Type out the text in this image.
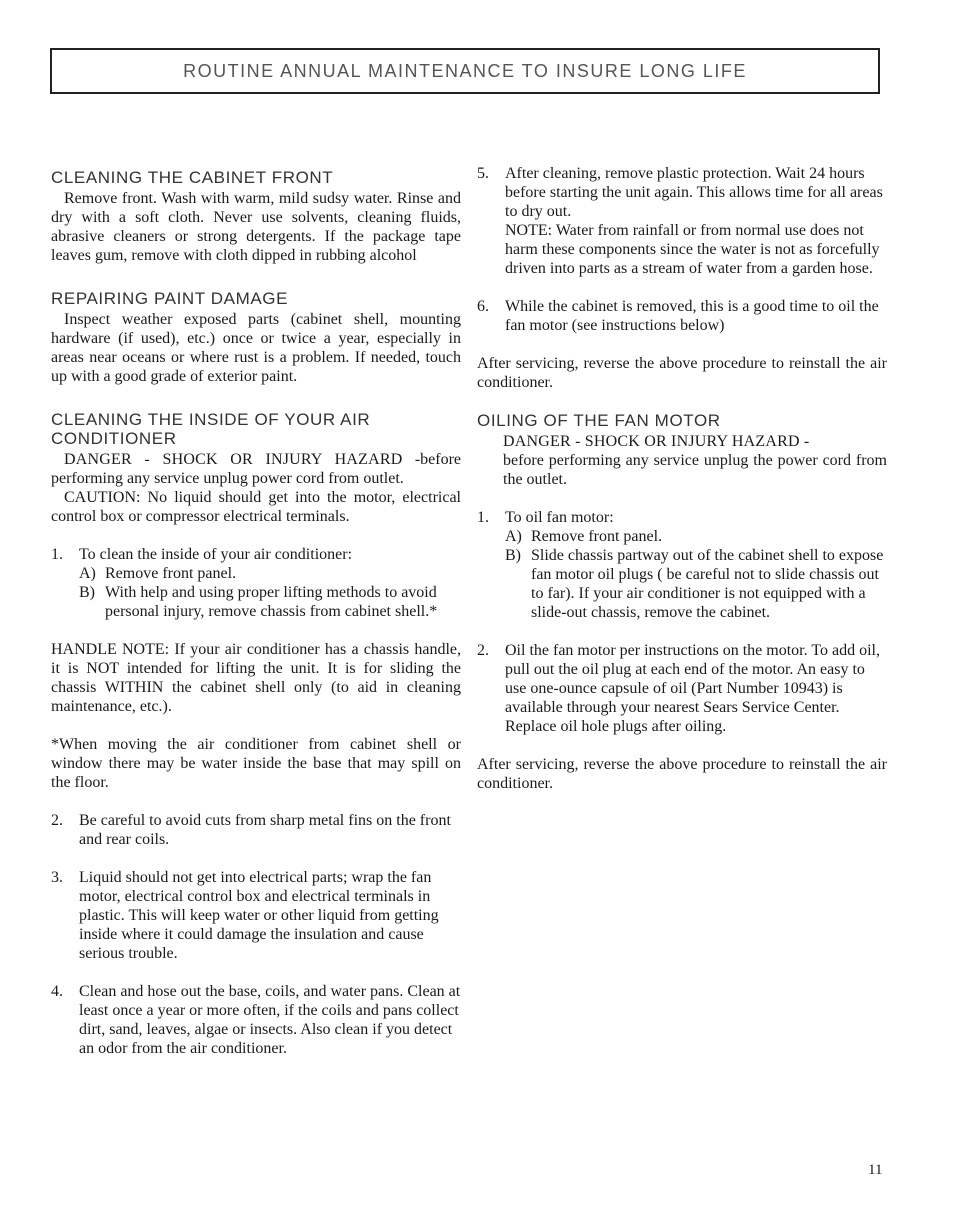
ROUTINE ANNUAL MAINTENANCE TO INSURE LONG LIFE
CLEANING THE CABINET FRONT

Remove front. Wash with warm, mild sudsy water. Rinse and dry with a soft cloth. Never use solvents, cleaning fluids, abrasive cleaners or strong detergents. If the package tape leaves gum, remove with cloth dipped in rubbing alcohol

REPAIRING PAINT DAMAGE

Inspect weather exposed parts (cabinet shell, mounting hardware (if used), etc.) once or twice a year, especially in areas near oceans or where rust is a problem. If needed, touch up with a good grade of exterior paint.

CLEANING THE INSIDE OF YOUR AIR
CONDITIONER

DANGER - SHOCK OR INJURY HAZARD -before performing any service unplug power cord from outlet.

CAUTION: No liquid should get into the motor, electrical control box or compressor electrical terminals.

1.	To clean the inside of your air conditioner:
A) Remove front panel.
B) With help and using proper lifting methods to avoid personal injury, remove chassis from cabinet shell.*

HANDLE NOTE: If your air conditioner has a chassis handle, it is NOT intended for lifting the unit. It is for sliding the chassis WITHIN the cabinet shell only (to aid in cleaning maintenance, etc.).

*When moving the air conditioner from cabinet shell or window there may be water inside the base that may spill on the floor.

2.	Be careful to avoid cuts from sharp metal fins on the front and rear coils.
3.	Liquid should not get into electrical parts; wrap the fan motor, electrical control box and electrical terminals in plastic. This will keep water or other liquid from getting inside where it could damage the insulation and cause serious trouble.
4.	Clean and hose out the base, coils, and water pans. Clean at least once a year or more often, if the coils and pans collect dirt, sand, leaves, algae or insects. Also clean if you detect an odor from the air conditioner.
5.	After cleaning, remove plastic protection. Wait 24 hours before starting the unit again. This allows time for all areas to dry out.
NOTE: Water from rainfall or from normal use does not harm these components since the water is not as forcefully driven into parts as a stream of water from a garden hose.
6.	While the cabinet is removed, this is a good time to oil the fan motor (see instructions below)

After servicing, reverse the above procedure to reinstall the air conditioner.

OILING OF THE FAN MOTOR

DANGER - SHOCK OR INJURY HAZARD -
before performing any service unplug the power cord from the outlet.

1.	To oil fan motor:
A) Remove front panel.
B) Slide chassis partway out of the cabinet shell to expose fan motor oil plugs ( be careful not to slide chassis out to far). If your air conditioner is not equipped with a slide-out chassis, remove the cabinet.
2.	Oil the fan motor per instructions on the motor. To add oil, pull out the oil plug at each end of the motor. An easy to use one-ounce capsule of oil (Part Number 10943) is available through your nearest Sears Service Center. Replace oil hole plugs after oiling.

After servicing, reverse the above procedure to reinstall the air conditioner.

11
